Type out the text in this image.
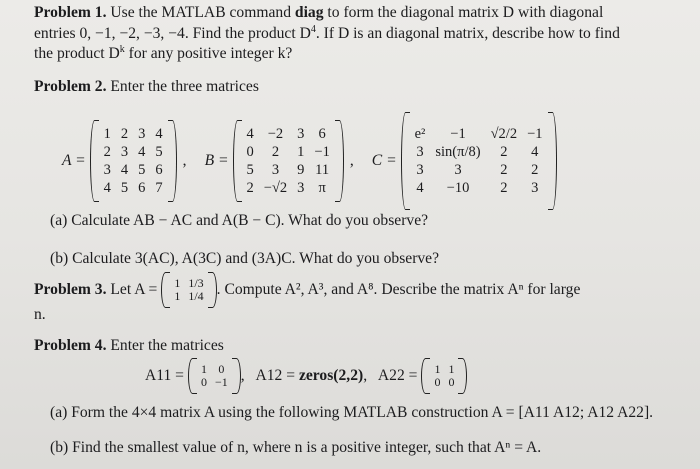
Problem 1. Use the MATLAB command diag to form the diagonal matrix D with diagonal
entries 0, −1, −2, −3, −4. Find the product $D^4$. If D is an diagonal matrix, describe how to find
the product $D^k$ for any positive integer k?
Problem 2. Enter the three matrices
A =
1	2	3	4
2	3	4	5
3	4	5	6
4	5	6	7
, B =
4	−2	3	6
0	2	1	−1
5	3	9	11
2	−√2	3	π
, C =
e²	−1	√2/2	−1
3	sin(π/8)	2	4
3	3	2	2
4	−10	2	3
(a) Calculate AB − AC and A(B − C). What do you observe?
(b) Calculate 3(AC), A(3C) and (3A)C. What do you observe?
Problem 3.
Let A = 1	1/3
1	1/4 . Compute A², A³, and A⁸. Describe the matrix Aⁿ for large
n.
Problem 4. Enter the matrices
A11 = 1	0
0	−1 ,   A12 = zeros(2,2) ,   A22 = 1	1
0	0
(a) Form the 4×4 matrix A using the following MATLAB construction A = [A11 A12; A12 A22].
(b) Find the smallest value of n, where n is a positive integer, such that Aⁿ = A.
